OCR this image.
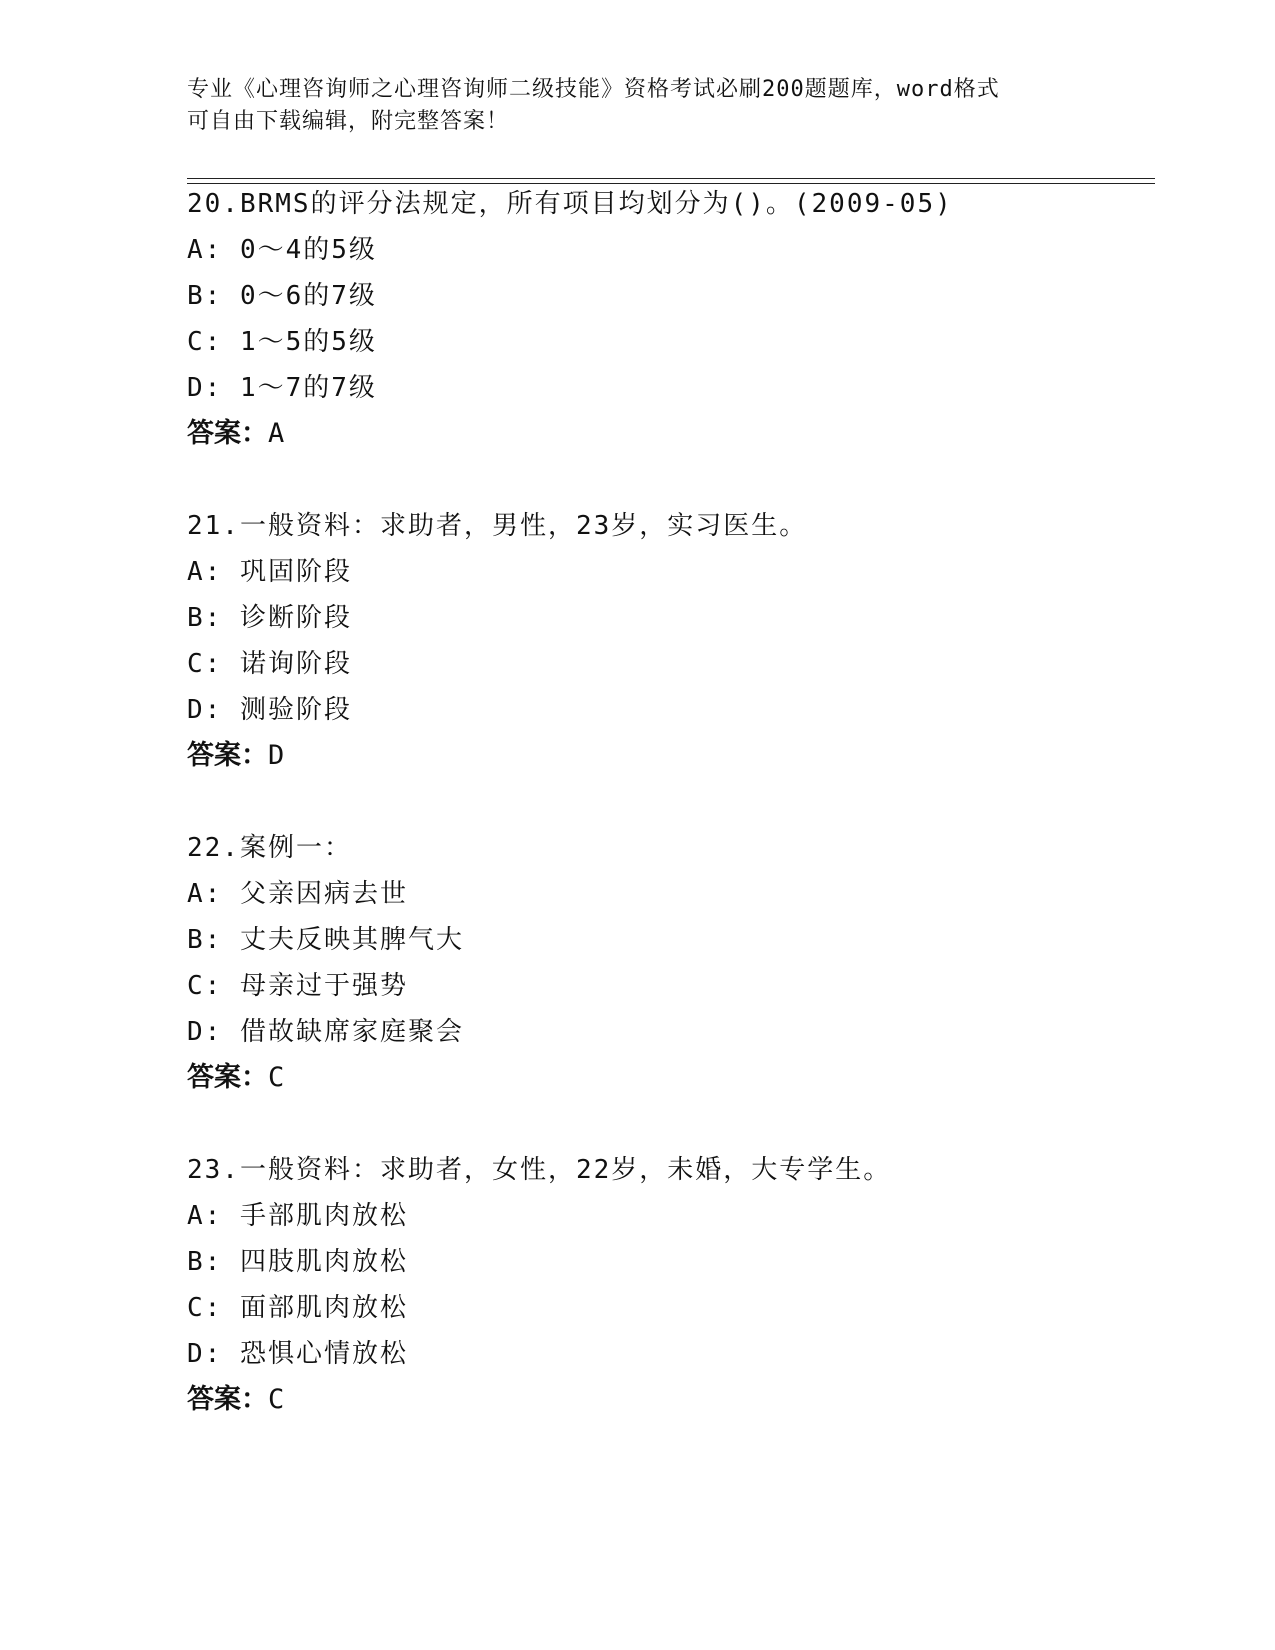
专业《心理咨询师之心理咨询师二级技能》资格考试必刷200题题库，word格式
可自由下载编辑，附完整答案！
20.BRMS的评分法规定，所有项目均划分为()。(2009-05)
A: 0～4的5级
B: 0～6的7级
C: 1～5的5级
D: 1～7的7级
答案：A
21.一般资料：求助者，男性，23岁，实习医生。
A: 巩固阶段
B: 诊断阶段
C: 诺询阶段
D: 测验阶段
答案：D
22.案例一：
A: 父亲因病去世
B: 丈夫反映其脾气大
C: 母亲过于强势
D: 借故缺席家庭聚会
答案：C
23.一般资料：求助者，女性，22岁，未婚，大专学生。
A: 手部肌肉放松
B: 四肢肌肉放松
C: 面部肌肉放松
D: 恐惧心情放松
答案：C
